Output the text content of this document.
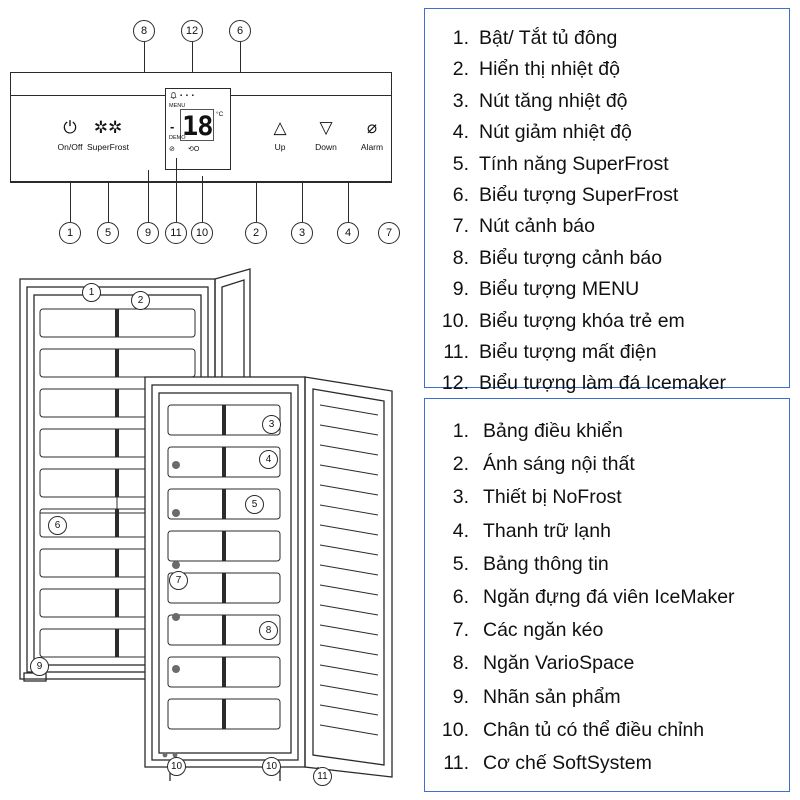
8	12	6
⏻
On/Off
✲✲
SuperFrost
△
Up
▽
Down
⌀
Alarm
▪ ▪ ▪
MENU
- 18 °C
DEMO
⊘ ⟲O
1	5	9	11	10	2	3	4	7
1
2
3
4
5
6
7
8
9
10	10
11
1. Bật/ Tắt tủ đông
2. Hiển thị nhiệt độ
3. Nút tăng nhiệt độ
4. Nút giảm nhiệt độ
5. Tính năng SuperFrost
6. Biểu tượng SuperFrost
7. Nút cảnh báo
8. Biểu tượng cảnh báo
9. Biểu tượng MENU
10. Biểu tượng khóa trẻ em
11. Biểu tượng mất điện
12. Biểu tượng làm đá Icemaker
1. Bảng điều khiển
2. Ánh sáng nội thất
3. Thiết bị NoFrost
4. Thanh trữ lạnh
5. Bảng thông tin
6. Ngăn đựng đá viên IceMaker
7. Các ngăn kéo
8. Ngăn VarioSpace
9. Nhãn sản phẩm
10. Chân tủ có thể điều chỉnh
11. Cơ chế SoftSystem
